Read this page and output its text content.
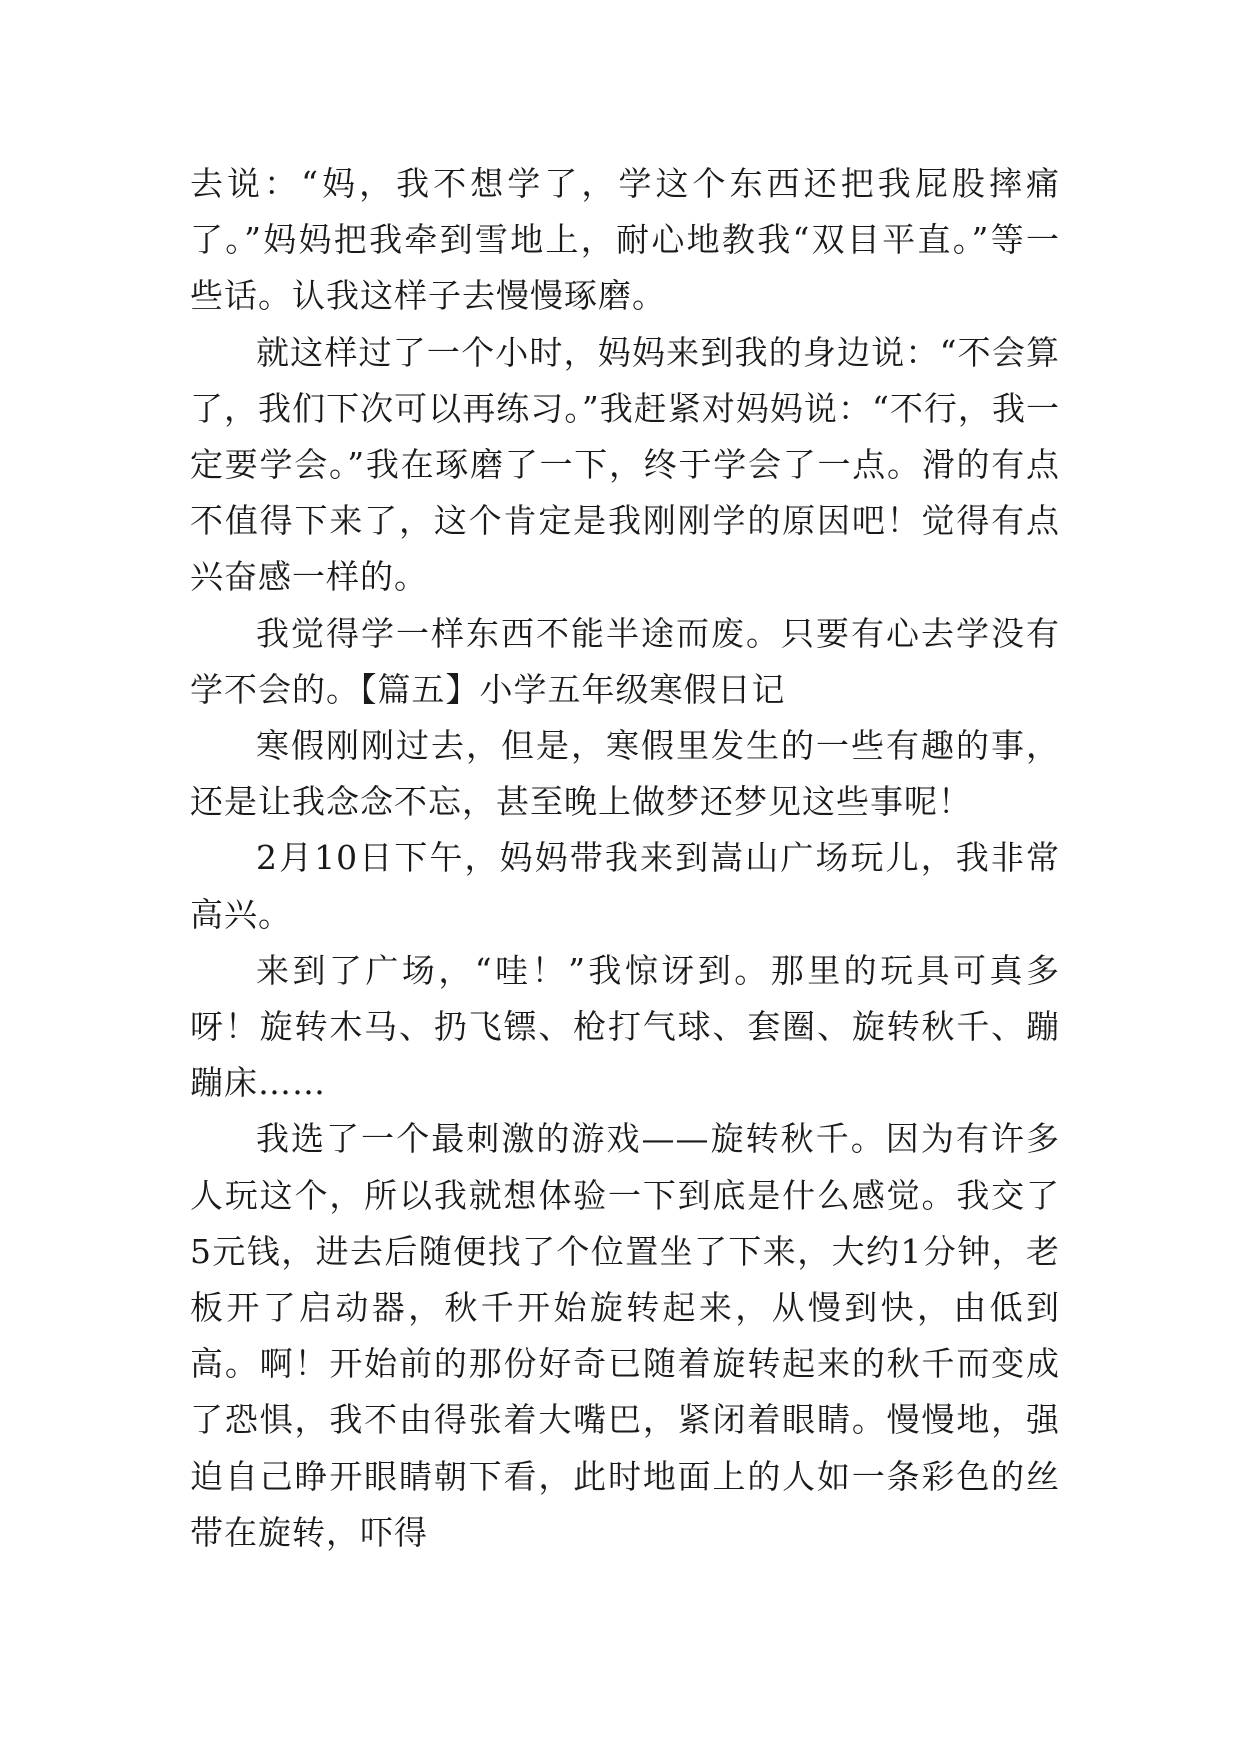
去说：“妈，我不想学了，学这个东西还把我屁股摔痛了。”妈妈把我牵到雪地上，耐心地教我“双目平直。”等一些话。认我这样子去慢慢琢磨。

就这样过了一个小时，妈妈来到我的身边说：“不会算了，我们下次可以再练习。”我赶紧对妈妈说：“不行，我一定要学会。”我在琢磨了一下，终于学会了一点。滑的有点不值得下来了，这个肯定是我刚刚学的原因吧！觉得有点兴奋感一样的。

我觉得学一样东西不能半途而废。只要有心去学没有学不会的。【篇五】小学五年级寒假日记

寒假刚刚过去，但是，寒假里发生的一些有趣的事，还是让我念念不忘，甚至晚上做梦还梦见这些事呢！

2月10日下午，妈妈带我来到嵩山广场玩儿，我非常高兴。

来到了广场，“哇！”我惊讶到。那里的玩具可真多呀！旋转木马、扔飞镖、枪打气球、套圈、旋转秋千、蹦蹦床……

我选了一个最刺激的游戏——旋转秋千。因为有许多人玩这个，所以我就想体验一下到底是什么感觉。我交了5元钱，进去后随便找了个位置坐了下来，大约1分钟，老板开了启动器，秋千开始旋转起来，从慢到快，由低到高。啊！开始前的那份好奇已随着旋转起来的秋千而变成了恐惧，我不由得张着大嘴巴，紧闭着眼睛。慢慢地，强迫自己睁开眼睛朝下看，此时地面上的人如一条彩色的丝带在旋转，吓得
